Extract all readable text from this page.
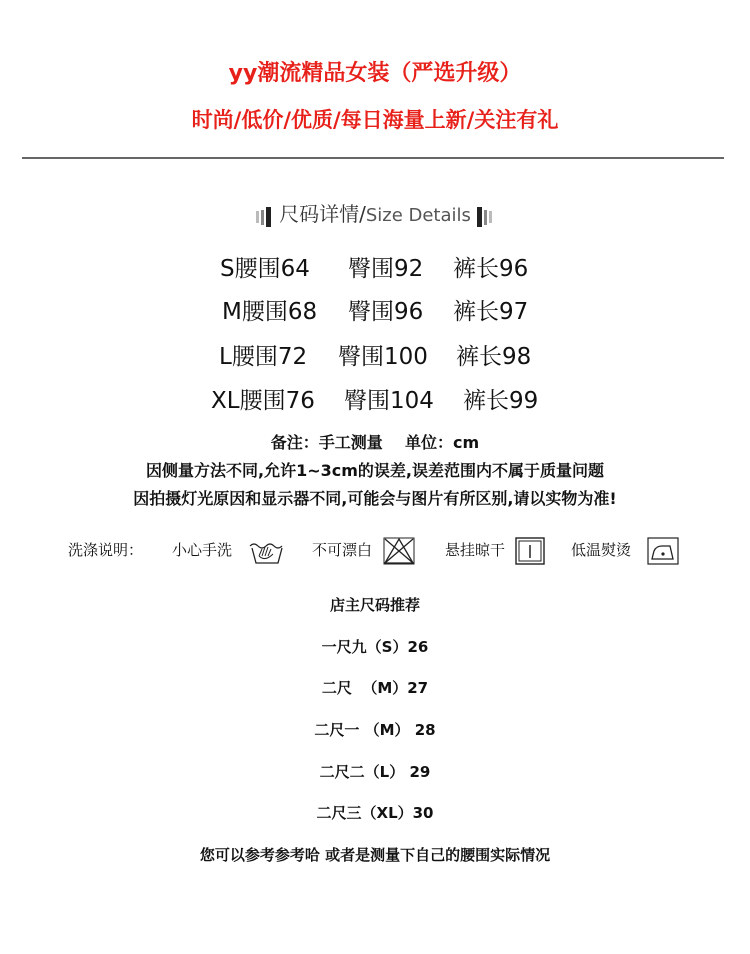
yy潮流精品女装（严选升级）
时尚/低价/优质/每日海量上新/关注有礼
尺码详情/Size Details
S腰围64 臀围92 裤长96
M腰围68 臀围96 裤长97
L腰围72 臀围100 裤长98
XL腰围76 臀围104 裤长99
备注：手工测量    单位：cm
因侧量方法不同,允许1~3cm的误差,误差范围内不属于质量问题
因拍摄灯光原因和显示器不同,可能会与图片有所区别,请以实物为准!
洗涤说明： 小心手洗	不可漂白	悬挂晾干	低温熨烫
店主尺码推荐
一尺九（S）26
二尺  （M）27
二尺一 （M） 28
二尺二（L） 29
二尺三（XL）30
您可以参考参考哈 或者是测量下自己的腰围实际情况
